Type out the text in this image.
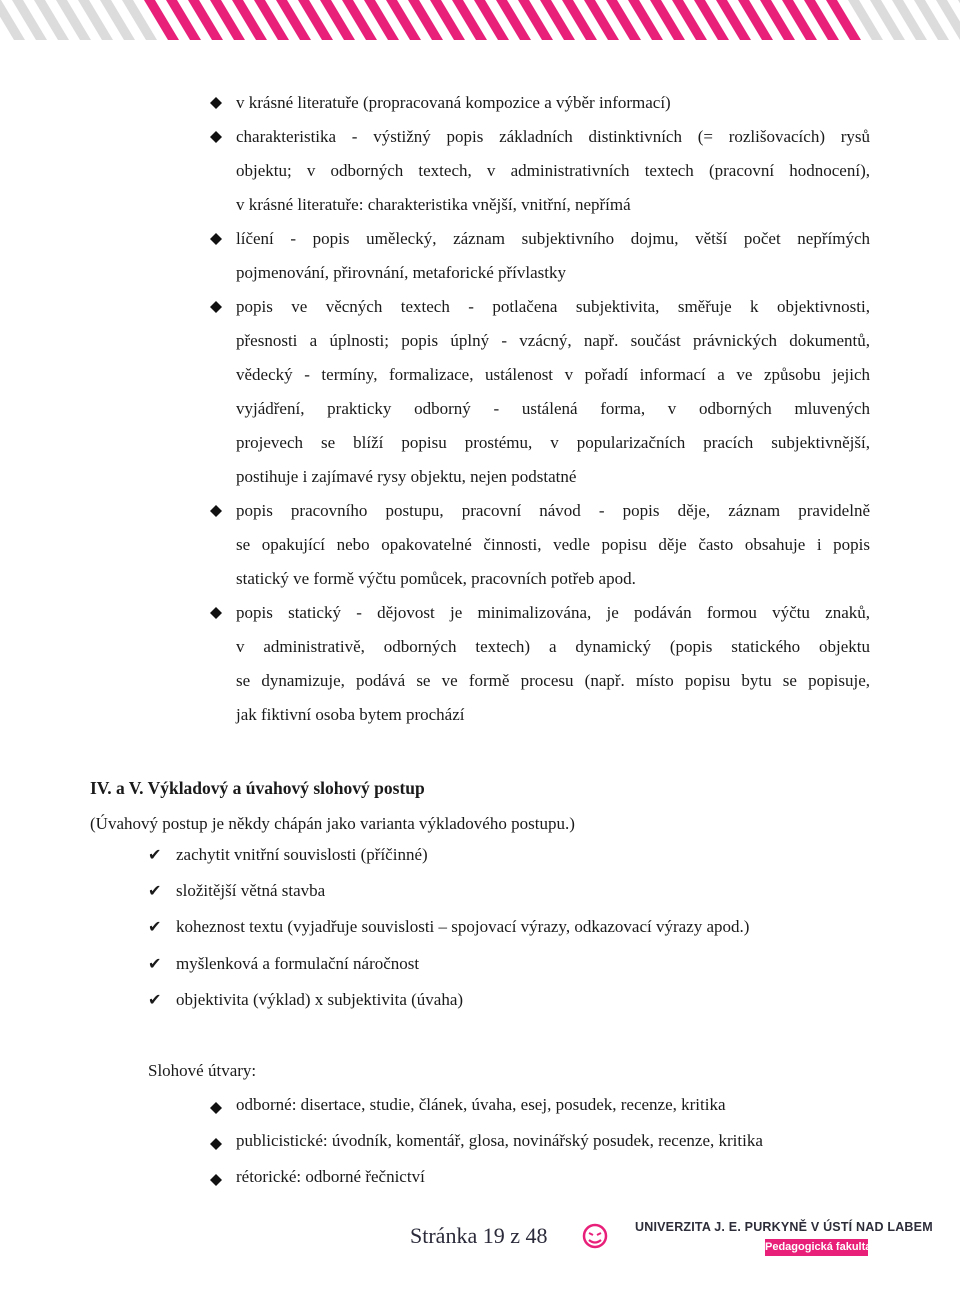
v krásné literatuře (propracovaná kompozice a výběr informací)
charakteristika - výstižný popis základních distinktivních (= rozlišovacích) rysů
objektu; v odborných textech, v administrativních textech (pracovní hodnocení),
v krásné literatuře: charakteristika vnější, vnitřní, nepřímá
líčení - popis umělecký, záznam subjektivního dojmu, větší počet nepřímých
pojmenování, přirovnání, metaforické přívlastky
popis ve věcných textech - potlačena subjektivita, směřuje k objektivnosti,
přesnosti a úplnosti; popis úplný - vzácný, např. součást právnických dokumentů,
vědecký - termíny, formalizace, ustálenost v pořadí informací a ve způsobu jejich
vyjádření, prakticky odborný - ustálená forma, v odborných mluvených
projevech se blíží popisu prostému, v popularizačních pracích subjektivnější,
postihuje i zajímavé rysy objektu, nejen podstatné
popis pracovního postupu, pracovní návod - popis děje, záznam pravidelně
se opakující nebo opakovatelné činnosti, vedle popisu děje často obsahuje i popis
statický ve formě výčtu pomůcek, pracovních potřeb apod.
popis statický - dějovost je minimalizována, je podáván formou výčtu znaků,
v administrativě, odborných textech) a dynamický (popis statického objektu
se dynamizuje, podává se ve formě procesu (např. místo popisu bytu se popisuje,
jak fiktivní osoba bytem prochází
IV. a V. Výkladový a úvahový slohový postup
(Úvahový postup je někdy chápán jako varianta výkladového postupu.)
✔ zachytit vnitřní souvislosti (příčinné)
✔ složitější větná stavba
✔ koheznost textu (vyjadřuje souvislosti – spojovací výrazy, odkazovací výrazy apod.)
✔ myšlenková a formulační náročnost
✔ objektivita (výklad) x subjektivita (úvaha)
Slohové útvary:
odborné: disertace, studie, článek, úvaha, esej, posudek, recenze, kritika
publicistické: úvodník, komentář, glosa, novinářský posudek, recenze, kritika
rétorické: odborné řečnictví
Stránka 19 z 48	UNIVERZITA J. E. PURKYNĚ V ÚSTÍ NAD LABEM
Pedagogická fakulta
